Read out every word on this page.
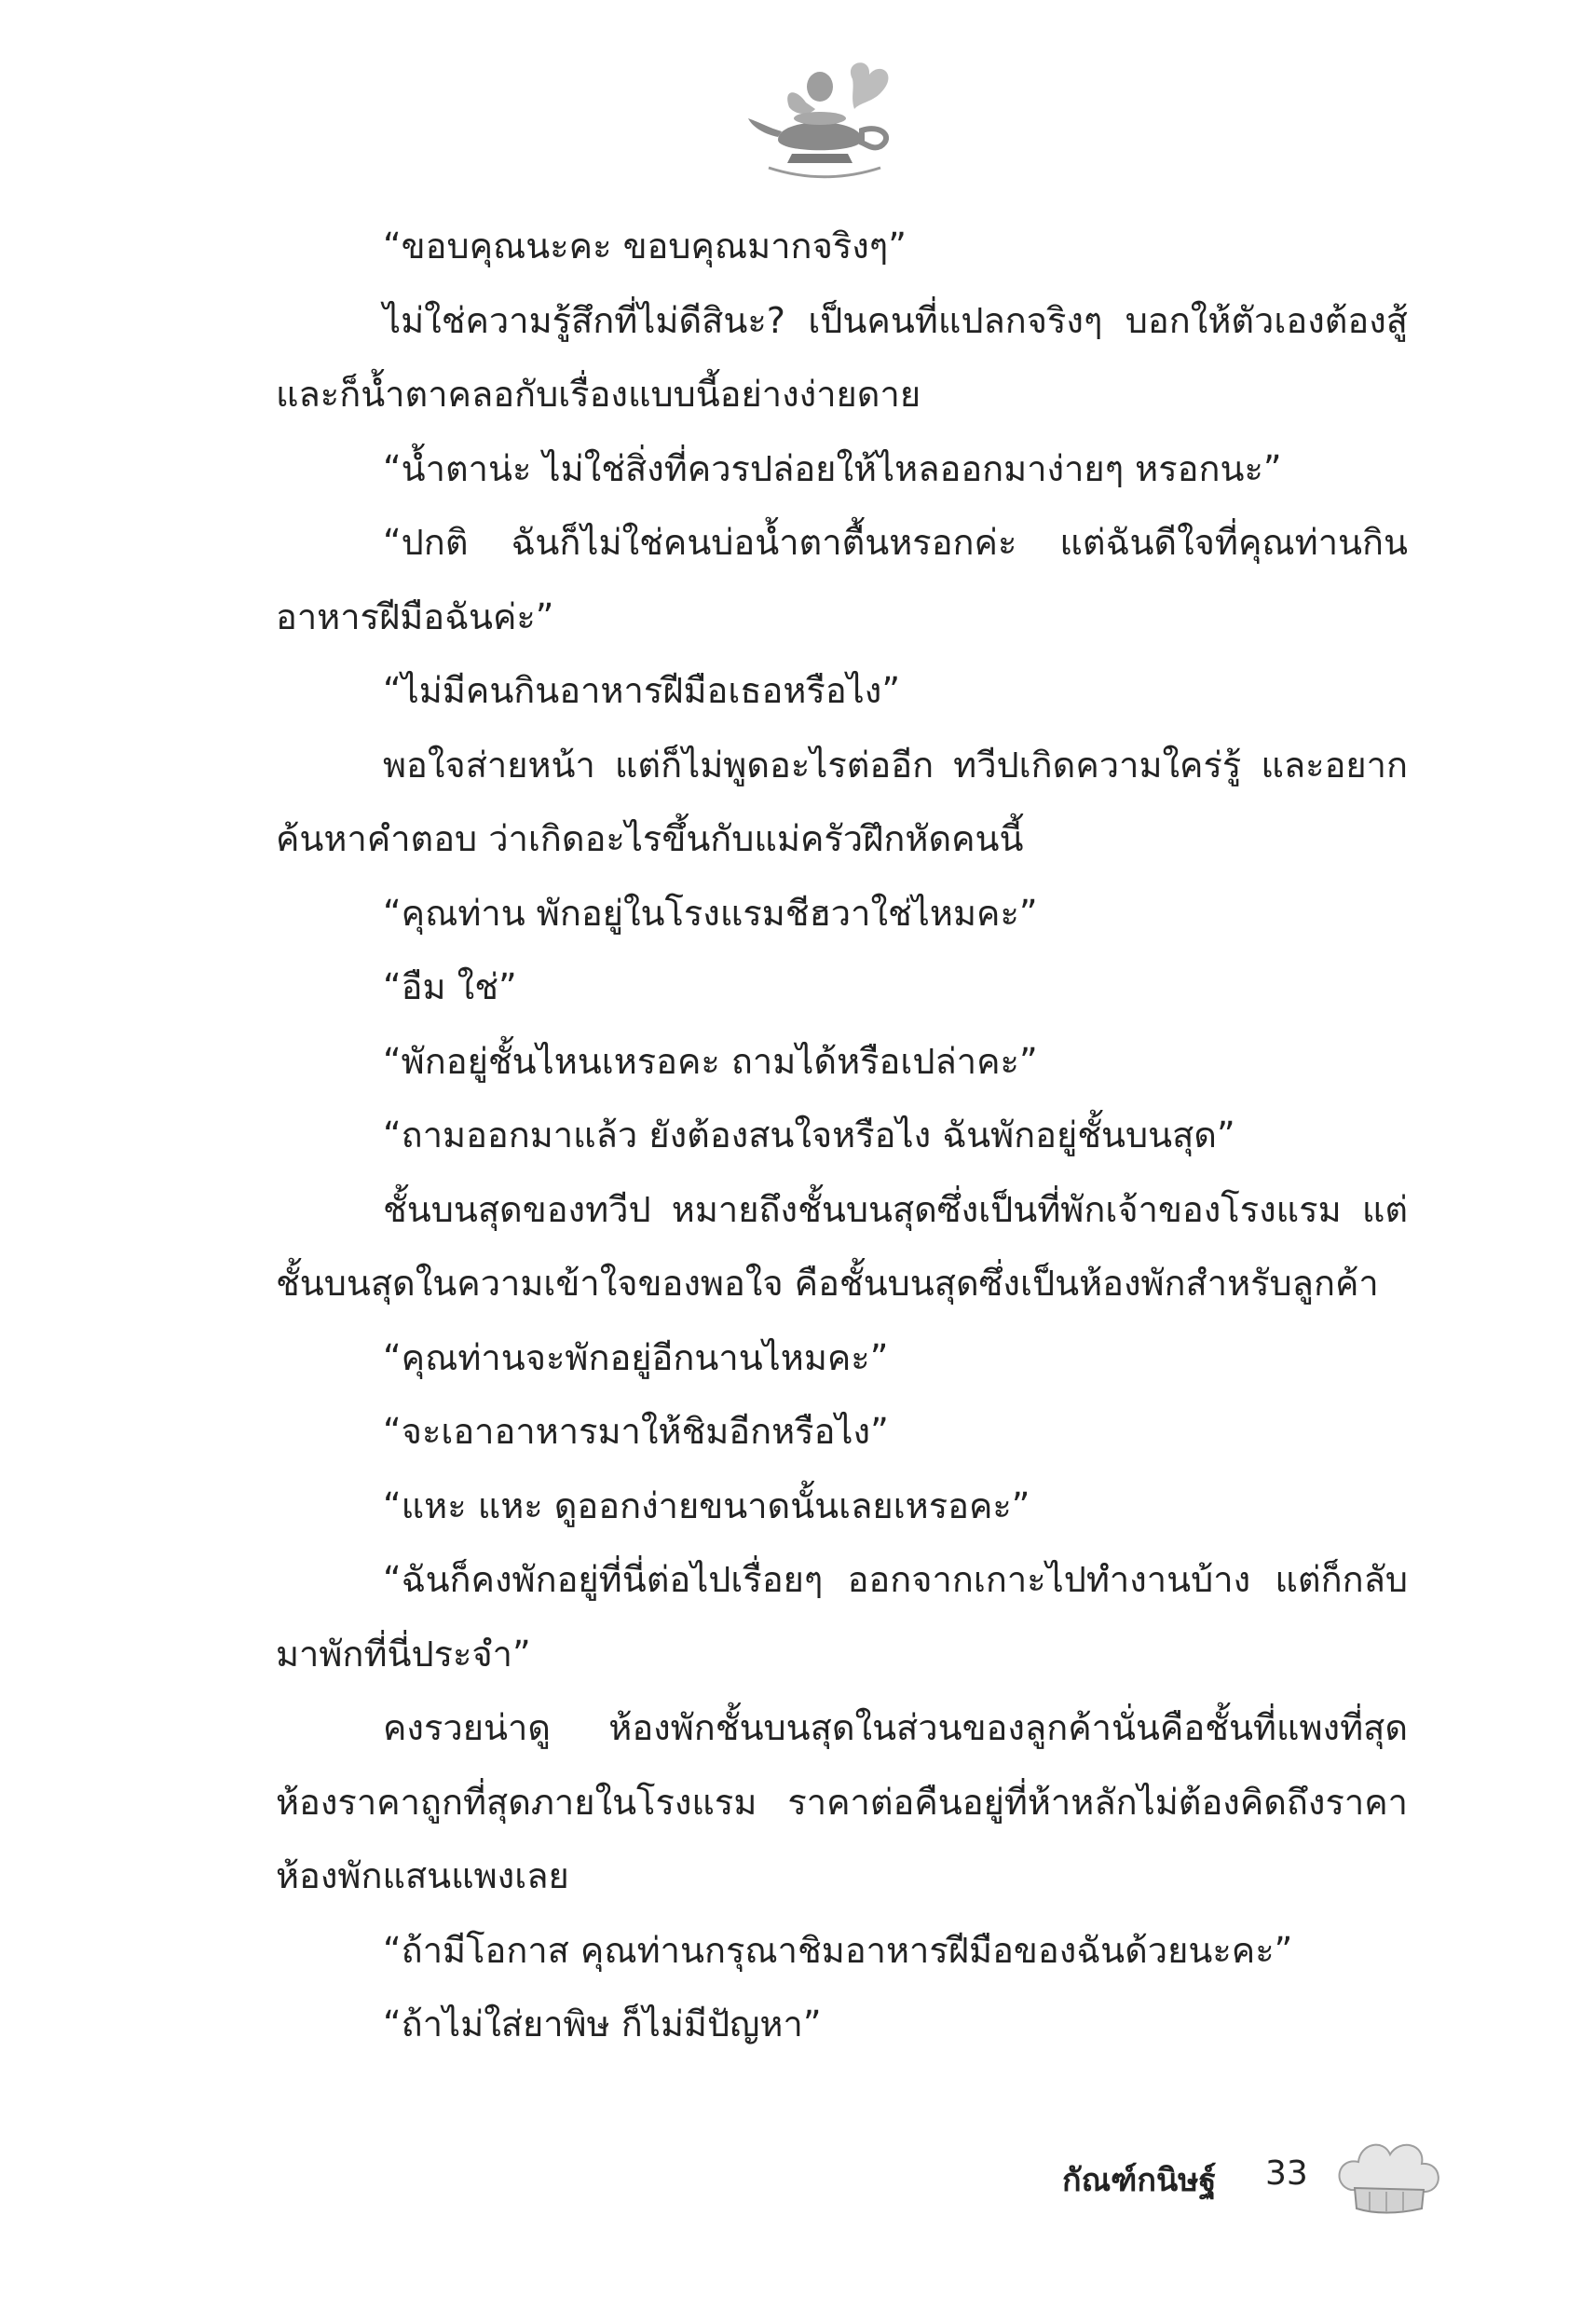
“ขอบคุณนะคะ ขอบคุณมากจริงๆ”

ไม่ใช่ความรู้สึกที่ไม่ดีสินะ? เป็นคนที่แปลกจริงๆ บอกให้ตัวเองต้องสู้ และก็น้ำตาคลอกับเรื่องแบบนี้อย่างง่ายดาย

“น้ำตาน่ะ ไม่ใช่สิ่งที่ควรปล่อยให้ไหลออกมาง่ายๆ หรอกนะ”

“ปกติ ฉันก็ไม่ใช่คนบ่อน้ำตาตื้นหรอกค่ะ แต่ฉันดีใจที่คุณท่านกินอาหารฝีมือฉันค่ะ”

“ไม่มีคนกินอาหารฝีมือเธอหรือไง”

พอใจส่ายหน้า แต่ก็ไม่พูดอะไรต่ออีก ทวีปเกิดความใคร่รู้ และอยากค้นหาคำตอบ ว่าเกิดอะไรขึ้นกับแม่ครัวฝึกหัดคนนี้

“คุณท่าน พักอยู่ในโรงแรมชีฮวาใช่ไหมคะ”

“อืม ใช่”

“พักอยู่ชั้นไหนเหรอคะ ถามได้หรือเปล่าคะ”

“ถามออกมาแล้ว ยังต้องสนใจหรือไง ฉันพักอยู่ชั้นบนสุด”

ชั้นบนสุดของทวีป หมายถึงชั้นบนสุดซึ่งเป็นที่พักเจ้าของโรงแรม แต่ชั้นบนสุดในความเข้าใจของพอใจ คือชั้นบนสุดซึ่งเป็นห้องพักสำหรับลูกค้า

“คุณท่านจะพักอยู่อีกนานไหมคะ”

“จะเอาอาหารมาให้ชิมอีกหรือไง”

“แหะ แหะ ดูออกง่ายขนาดนั้นเลยเหรอคะ”

“ฉันก็คงพักอยู่ที่นี่ต่อไปเรื่อยๆ ออกจากเกาะไปทำงานบ้าง แต่ก็กลับมาพักที่นี่ประจำ”

คงรวยน่าดู ห้องพักชั้นบนสุดในส่วนของลูกค้านั่นคือชั้นที่แพงที่สุด ห้องราคาถูกที่สุดภายในโรงแรม ราคาต่อคืนอยู่ที่ห้าหลักไม่ต้องคิดถึงราคาห้องพักแสนแพงเลย

“ถ้ามีโอกาส คุณท่านกรุณาชิมอาหารฝีมือของฉันด้วยนะคะ”

“ถ้าไม่ใส่ยาพิษ ก็ไม่มีปัญหา”

กัณฑ์กนิษฐ์ 33
